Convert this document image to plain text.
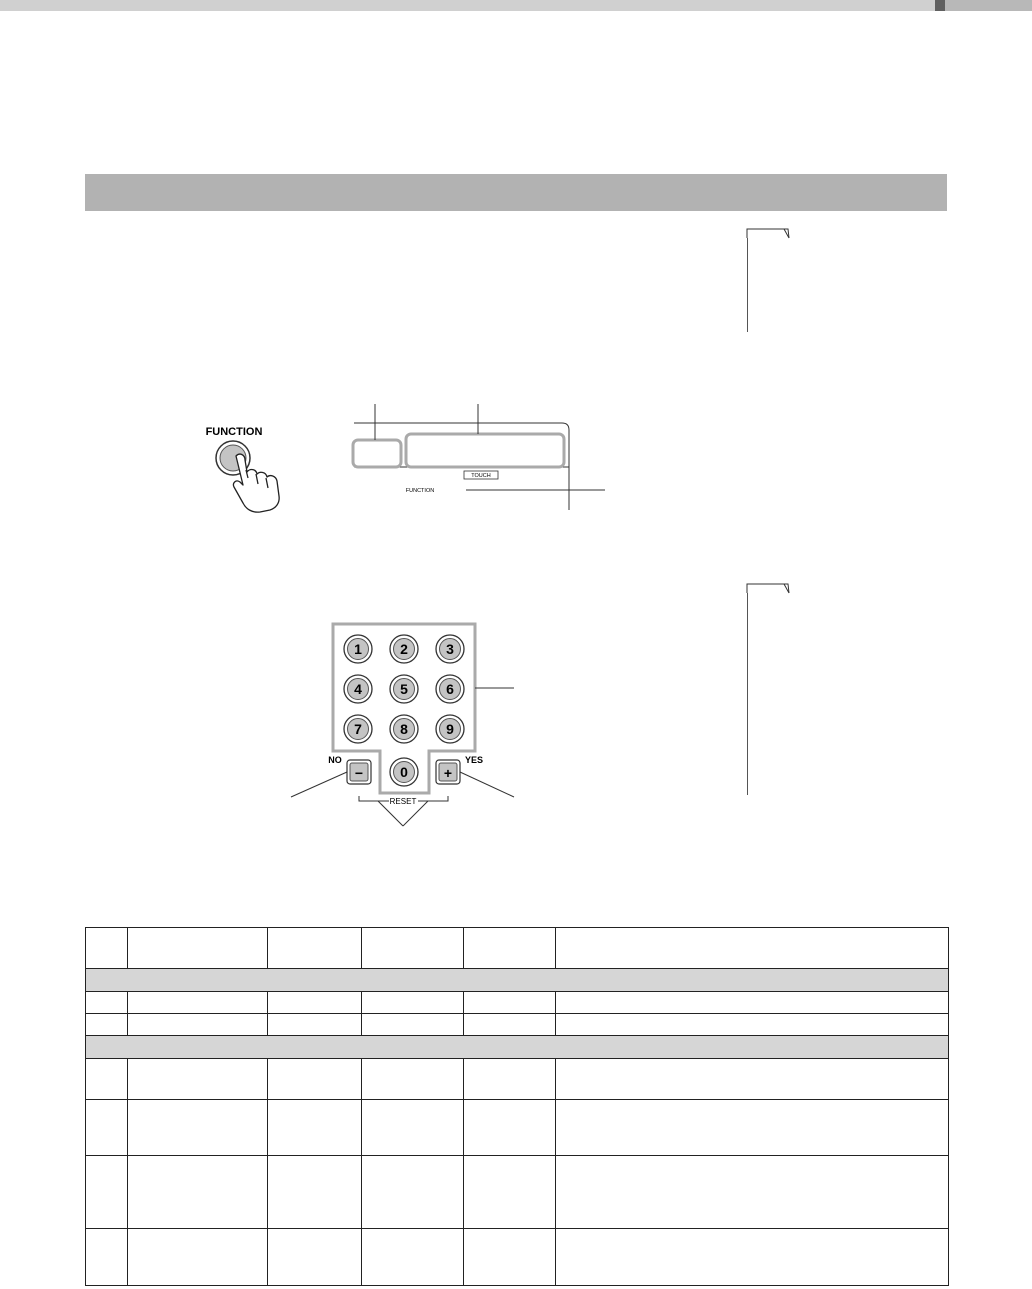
FUNCTION
TOUCH
FUNCTION
1	2	3
4	5	6
7	8	9
0
−	+
NO	YES
RESET
